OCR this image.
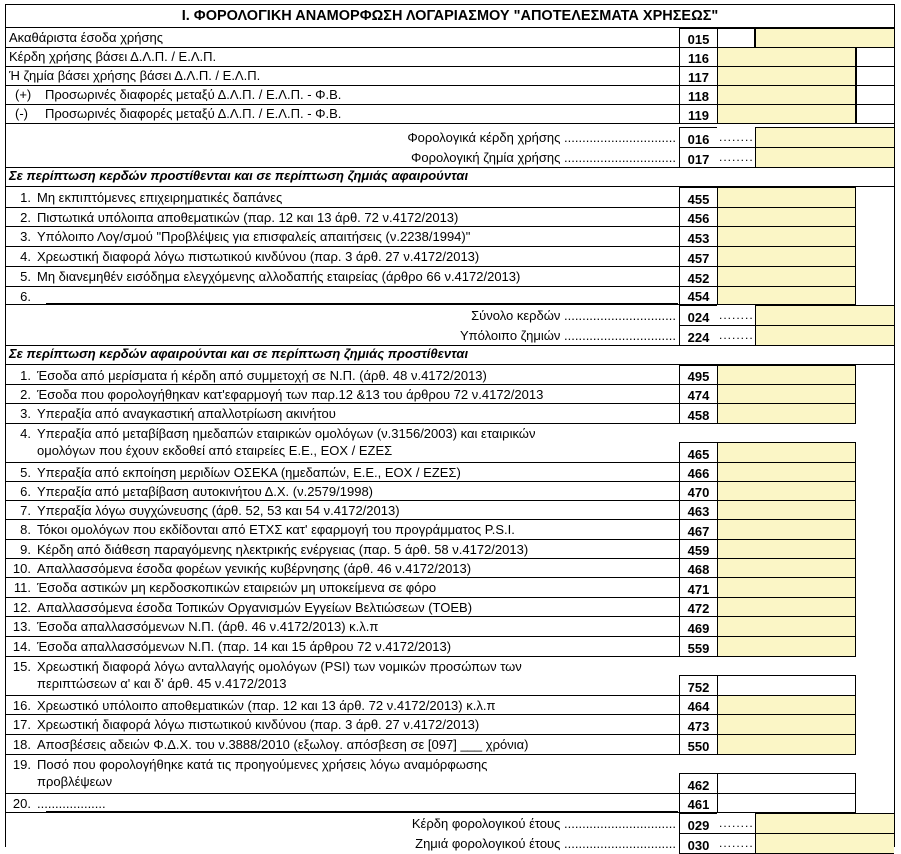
Ι. ΦΟΡΟΛΟΓΙΚΗ ΑΝΑΜΟΡΦΩΣΗ ΛΟΓΑΡΙΑΣΜΟΥ "ΑΠΟΤΕΛΕΣΜΑΤΑ ΧΡΗΣΕΩΣ"
Ακαθάριστα έσοδα χρήσης	015
Κέρδη χρήσης βάσει Δ.Λ.Π. / Ε.Λ.Π.	116
Ή ζημία βάσει χρήσης βάσει Δ.Λ.Π. / Ε.Λ.Π.	117
(+) Προσωρινές διαφορές μεταξύ Δ.Λ.Π. / Ε.Λ.Π. - Φ.Β.	118
(-) Προσωρινές διαφορές μεταξύ Δ.Λ.Π. / Ε.Λ.Π. - Φ.Β.	119
Φορολογικά κέρδη χρήσης ............................... 016 ........
Φορολογική ζημία χρήσης ............................... 017 ........
Σε περίπτωση κερδών προστίθενται και σε περίπτωση ζημιάς αφαιρούνται
1. Μη εκπιπτόμενες επιχειρηματικές δαπάνες	455
2. Πιστωτικά υπόλοιπα αποθεματικών (παρ. 12 και 13 άρθ. 72 ν.4172/2013)	456
3. Υπόλοιπο Λογ/σμού "Προβλέψεις για επισφαλείς απαιτήσεις (ν.2238/1994)"	453
4. Χρεωστική διαφορά λόγω πιστωτικού κινδύνου (παρ. 3 άρθ. 27 ν.4172/2013)	457
5. Μη διανεμηθέν εισόδημα ελεγχόμενης αλλοδαπής εταιρείας (άρθρο 66 ν.4172/2013)	452
6.	454
Σύνολο κερδών ............................... 024 ........
Υπόλοιπο ζημιών ............................... 224 ........
Σε περίπτωση κερδών αφαιρούνται και σε περίπτωση ζημιάς προστίθενται
1. Έσοδα από μερίσματα ή κέρδη από συμμετοχή σε Ν.Π. (άρθ. 48 ν.4172/2013)	495
2. Έσοδα που φορολογήθηκαν κατ'εφαρμογή των παρ.12 &13 του άρθρου 72 ν.4172/2013	474
3. Υπεραξία από αναγκαστική απαλλοτρίωση ακινήτου	458
4. Υπεραξία από μεταβίβαση ημεδαπών εταιρικών ομολόγων (ν.3156/2003) και εταιρικών
ομολόγων που έχουν εκδοθεί από εταιρείες Ε.Ε., ΕΟΧ / ΕΖΕΣ	465
5. Υπεραξία από εκποίηση μεριδίων ΟΣΕΚΑ (ημεδαπών, Ε.Ε., ΕΟΧ / ΕΖΕΣ)	466
6. Υπεραξία από μεταβίβαση αυτοκινήτου Δ.Χ. (ν.2579/1998)	470
7. Υπεραξία λόγω συγχώνευσης (άρθ. 52, 53 και 54 ν.4172/2013)	463
8. Τόκοι ομολόγων που εκδίδονται από ΕΤΧΣ κατ' εφαρμογή του προγράμματος P.S.I.	467
9. Κέρδη από διάθεση παραγόμενης ηλεκτρικής ενέργειας (παρ. 5 άρθ. 58 ν.4172/2013)	459
10. Απαλλασσόμενα έσοδα φορέων γενικής κυβέρνησης (άρθ. 46 ν.4172/2013)	468
11. Έσοδα αστικών μη κερδοσκοπικών εταιρειών μη υποκείμενα σε φόρο	471
12. Απαλλασσόμενα έσοδα Τοπικών Οργανισμών Εγγείων Βελτιώσεων (ΤΟΕΒ)	472
13. Έσοδα απαλλασσόμενων Ν.Π. (άρθ. 46 ν.4172/2013) κ.λ.π	469
14. Έσοδα απαλλασσόμενων Ν.Π. (παρ. 14 και 15 άρθρου 72 ν.4172/2013)	559
15. Χρεωστική διαφορά λόγω ανταλλαγής ομολόγων (PSI) των νομικών προσώπων των
περιπτώσεων α' και δ' άρθ. 45 ν.4172/2013	752
16. Χρεωστικό υπόλοιπο αποθεματικών (παρ. 12 και 13 άρθ. 72 ν.4172/2013) κ.λ.π	464
17. Χρεωστική διαφορά λόγω πιστωτικού κινδύνου (παρ. 3 άρθ. 27 ν.4172/2013)	473
18. Αποσβέσεις αδειών Φ.Δ.Χ. του ν.3888/2010 (εξωλογ. απόσβεση σε [097] ___ χρόνια)	550
19. Ποσό που φορολογήθηκε κατά τις προηγούμενες χρήσεις λόγω αναμόρφωσης
προβλέψεων	462
20. ...................	461
Κέρδη φορολογικού έτους ............................... 029 ........
Ζημιά φορολογικού έτους ............................... 030 ........
